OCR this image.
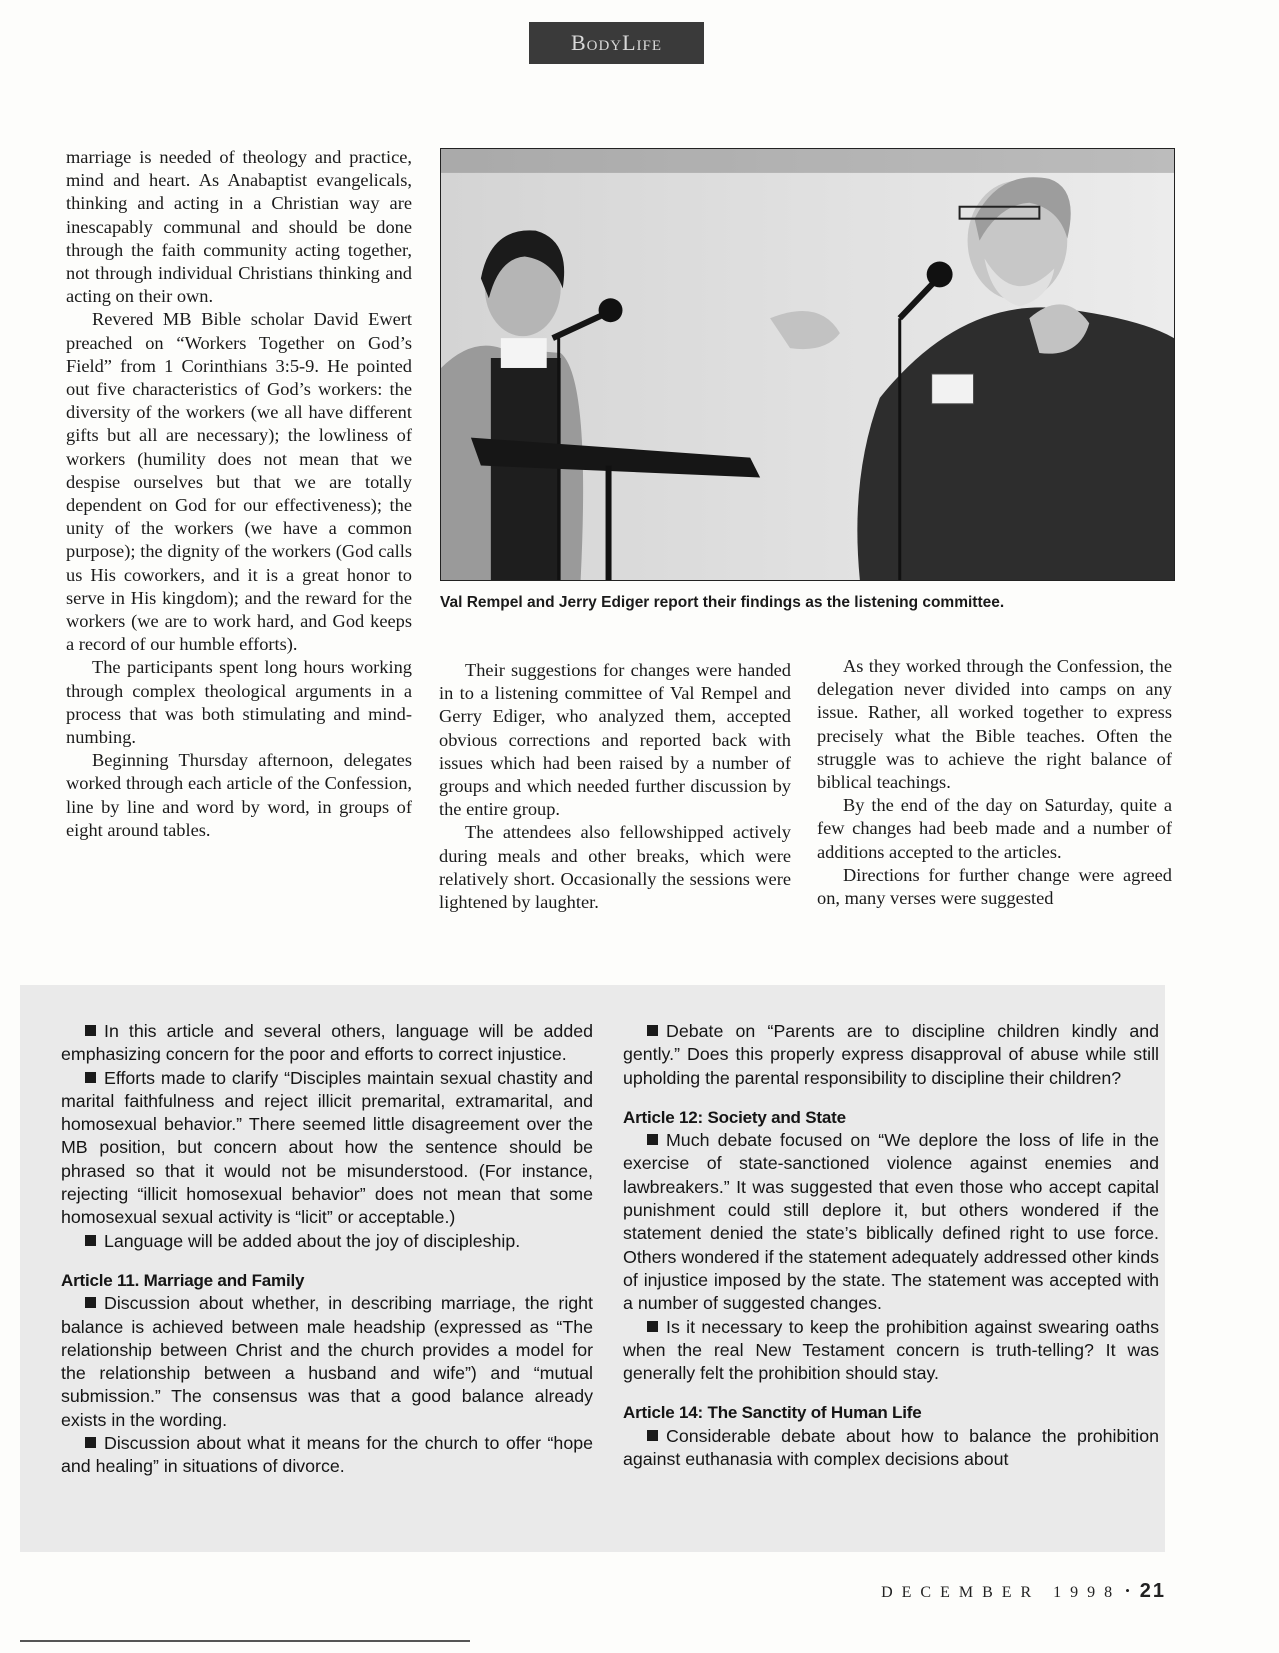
BodyLife

marriage is needed of theology and practice, mind and heart. As Anabaptist evangelicals, thinking and acting in a Christian way are inescapably communal and should be done through the faith community acting together, not through individual Christians thinking and acting on their own.

Revered MB Bible scholar David Ewert preached on “Workers Together on God’s Field” from 1 Corinthians 3:5-9. He pointed out five characteristics of God’s workers: the diversity of the workers (we all have different gifts but all are necessary); the lowliness of workers (humility does not mean that we despise ourselves but that we are totally dependent on God for our effectiveness); the unity of the workers (we have a common purpose); the dignity of the workers (God calls us His coworkers, and it is a great honor to serve in His kingdom); and the reward for the workers (we are to work hard, and God keeps a record of our humble efforts).

The participants spent long hours working through complex theological arguments in a process that was both stimulating and mind-numbing.

Beginning Thursday afternoon, delegates worked through each article of the Confession, line by line and word by word, in groups of eight around tables.

Val Rempel and Jerry Ediger report their findings as the listening committee.

Their suggestions for changes were handed in to a listening committee of Val Rempel and Gerry Ediger, who analyzed them, accepted obvious corrections and reported back with issues which had been raised by a number of groups and which needed further discussion by the entire group.

The attendees also fellowshipped actively during meals and other breaks, which were relatively short. Occasionally the sessions were lightened by laughter.

As they worked through the Confession, the delegation never divided into camps on any issue. Rather, all worked together to express precisely what the Bible teaches. Often the struggle was to achieve the right balance of biblical teachings.

By the end of the day on Saturday, quite a few changes had beeb made and a number of additions accepted to the articles.

Directions for further change were agreed on, many verses were suggested

In this article and several others, language will be added emphasizing concern for the poor and efforts to correct injustice.

Efforts made to clarify “Disciples maintain sexual chastity and marital faithfulness and reject illicit premarital, extramarital, and homosexual behavior.” There seemed little disagreement over the MB position, but concern about how the sentence should be phrased so that it would not be misunderstood. (For instance, rejecting “illicit homosexual behavior” does not mean that some homosexual sexual activity is “licit” or acceptable.)

Language will be added about the joy of discipleship.

Article 11. Marriage and Family

Discussion about whether, in describing marriage, the right balance is achieved between male headship (expressed as “The relationship between Christ and the church provides a model for the relationship between a husband and wife”) and “mutual submission.” The consensus was that a good balance already exists in the wording.

Discussion about what it means for the church to offer “hope and healing” in situations of divorce.

Debate on “Parents are to discipline children kindly and gently.” Does this properly express disapproval of abuse while still upholding the parental responsibility to discipline their children?

Article 12: Society and State

Much debate focused on “We deplore the loss of life in the exercise of state-sanctioned violence against enemies and lawbreakers.” It was suggested that even those who accept capital punishment could still deplore it, but others wondered if the statement denied the state’s biblically defined right to use force. Others wondered if the statement adequately addressed other kinds of injustice imposed by the state. The statement was accepted with a number of suggested changes.

Is it necessary to keep the prohibition against swearing oaths when the real New Testament concern is truth-telling? It was generally felt the prohibition should stay.

Article 14: The Sanctity of Human Life

Considerable debate about how to balance the prohibition against euthanasia with complex decisions about

DECEMBER 1998 • 21
